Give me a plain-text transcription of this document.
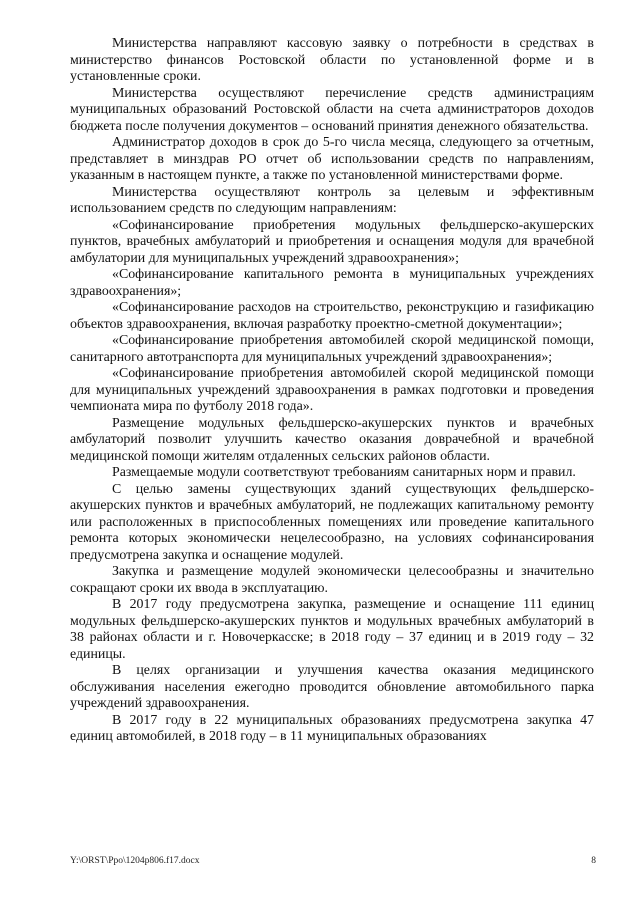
Министерства направляют кассовую заявку о потребности в средствах в министерство финансов Ростовской области по установленной форме и в установленные сроки.

Министерства осуществляют перечисление средств администрациям муниципальных образований Ростовской области на счета администраторов доходов бюджета после получения документов – оснований принятия денежного обязательства.

Администратор доходов в срок до 5-го числа месяца, следующего за отчетным, представляет в минздрав РО отчет об использовании средств по направлениям, указанным в настоящем пункте, а также по установленной министерствами форме.

Министерства осуществляют контроль за целевым и эффективным использованием средств по следующим направлениям:

«Софинансирование приобретения модульных фельдшерско-акушерских пунктов, врачебных амбулаторий и приобретения и оснащения модуля для врачебной амбулатории для муниципальных учреждений здравоохранения»;

«Софинансирование капитального ремонта в муниципальных учреждениях здравоохранения»;

«Софинансирование расходов на строительство, реконструкцию и газификацию объектов здравоохранения, включая разработку проектно-сметной документации»;

«Софинансирование приобретения автомобилей скорой медицинской помощи, санитарного автотранспорта для муниципальных учреждений здравоохранения»;

«Софинансирование приобретения автомобилей скорой медицинской помощи для муниципальных учреждений здравоохранения в рамках подготовки и проведения чемпионата мира по футболу 2018 года».

Размещение модульных фельдшерско-акушерских пунктов и врачебных амбулаторий позволит улучшить качество оказания доврачебной и врачебной медицинской помощи жителям отдаленных сельских районов области.

Размещаемые модули соответствуют требованиям санитарных норм и правил.

С целью замены существующих зданий существующих фельдшерско-акушерских пунктов и врачебных амбулаторий, не подлежащих капитальному ремонту или расположенных в приспособленных помещениях или проведение капитального ремонта которых экономически нецелесообразно, на условиях софинансирования предусмотрена закупка и оснащение модулей.

Закупка и размещение модулей экономически целесообразны и значительно сокращают сроки их ввода в эксплуатацию.

В 2017 году предусмотрена закупка, размещение и оснащение 111 единиц модульных фельдшерско-акушерских пунктов и модульных врачебных амбулаторий в 38 районах области и г. Новочеркасске; в 2018 году – 37 единиц и в 2019 году – 32 единицы.

В целях организации и улучшения качества оказания медицинского обслуживания населения ежегодно проводится обновление автомобильного парка учреждений здравоохранения.

В 2017 году в 22 муниципальных образованиях предусмотрена закупка 47 единиц автомобилей, в 2018 году – в 11 муниципальных образованиях

Y:\ORST\Ppo\1204p806.f17.docx	8
